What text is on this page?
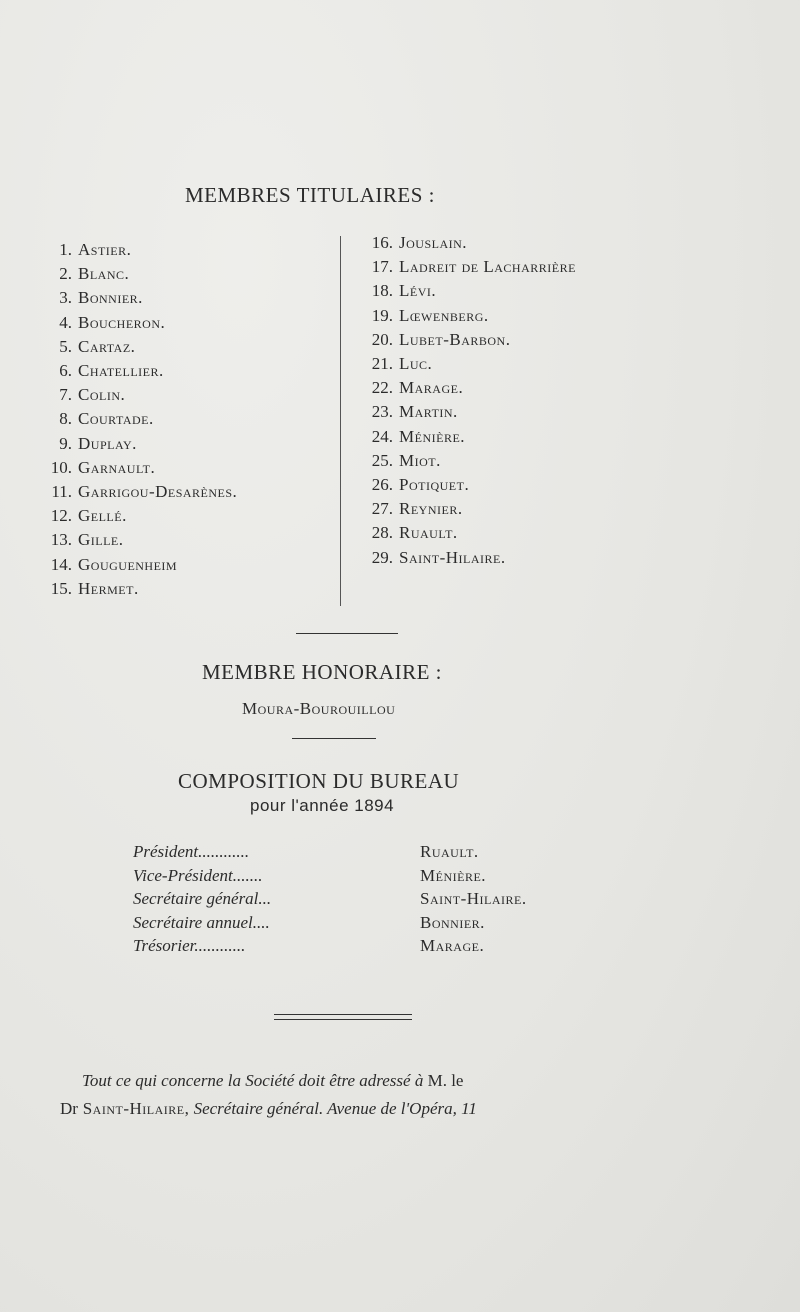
MEMBRES TITULAIRES :
1. Astier.
2. Blanc.
3. Bonnier.
4. Boucheron.
5. Cartaz.
6. Chatellier.
7. Colin.
8. Courtade.
9. Duplay.
10. Garnault.
11. Garrigou-Desarènes.
12. Gellé.
13. Gille.
14. Gouguenheim
15. Hermet.
16. Jouslain.
17. Ladreit de Lacharrière
18. Lévi.
19. Lœwenberg.
20. Lubet-Barbon.
21. Luc.
22. Marage.
23. Martin.
24. Ménière.
25. Miot.
26. Potiquet.
27. Reynier.
28. Ruault.
29. Saint-Hilaire.
MEMBRE HONORAIRE :
Moura-Bourouillou
COMPOSITION DU BUREAU
pour l'année 1894
Président............	Ruault.
Vice-Président.......	Ménière.
Secrétaire général...	Saint-Hilaire.
Secrétaire annuel....	Bonnier.
Trésorier............	Marage.
Tout ce qui concerne la Société doit être adressé à M. le
Dr Saint-Hilaire, Secrétaire général. Avenue de l'Opéra, 11
